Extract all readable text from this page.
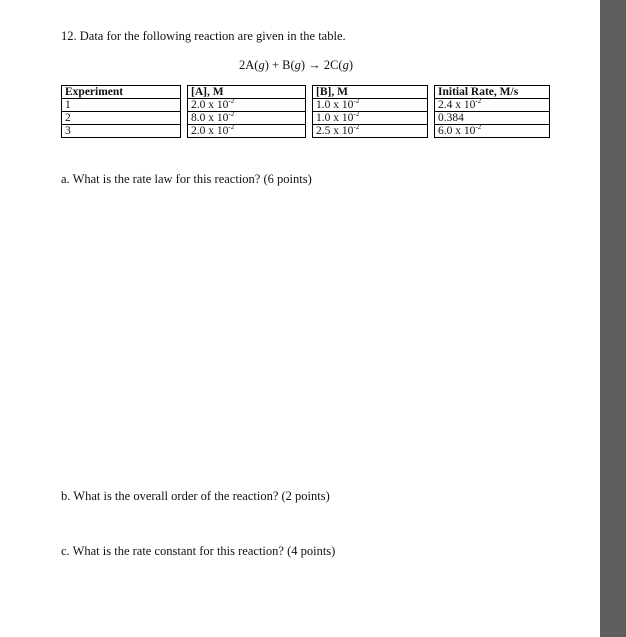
12. Data for the following reaction are given in the table.
2A(g) + B(g) → 2C(g)
Experiment		[A], M		[B], M		Initial Rate, M/s
1		2.0 x $10^{-2}$		1.0 x $10^{-2}$		2.4 x $10^{-2}$
2		8.0 x $10^{-2}$		1.0 x $10^{-2}$		0.384
3		2.0 x $10^{-2}$		2.5 x $10^{-2}$		6.0 x $10^{-2}$
a. What is the rate law for this reaction? (6 points)
b. What is the overall order of the reaction? (2 points)
c. What is the rate constant for this reaction? (4 points)
